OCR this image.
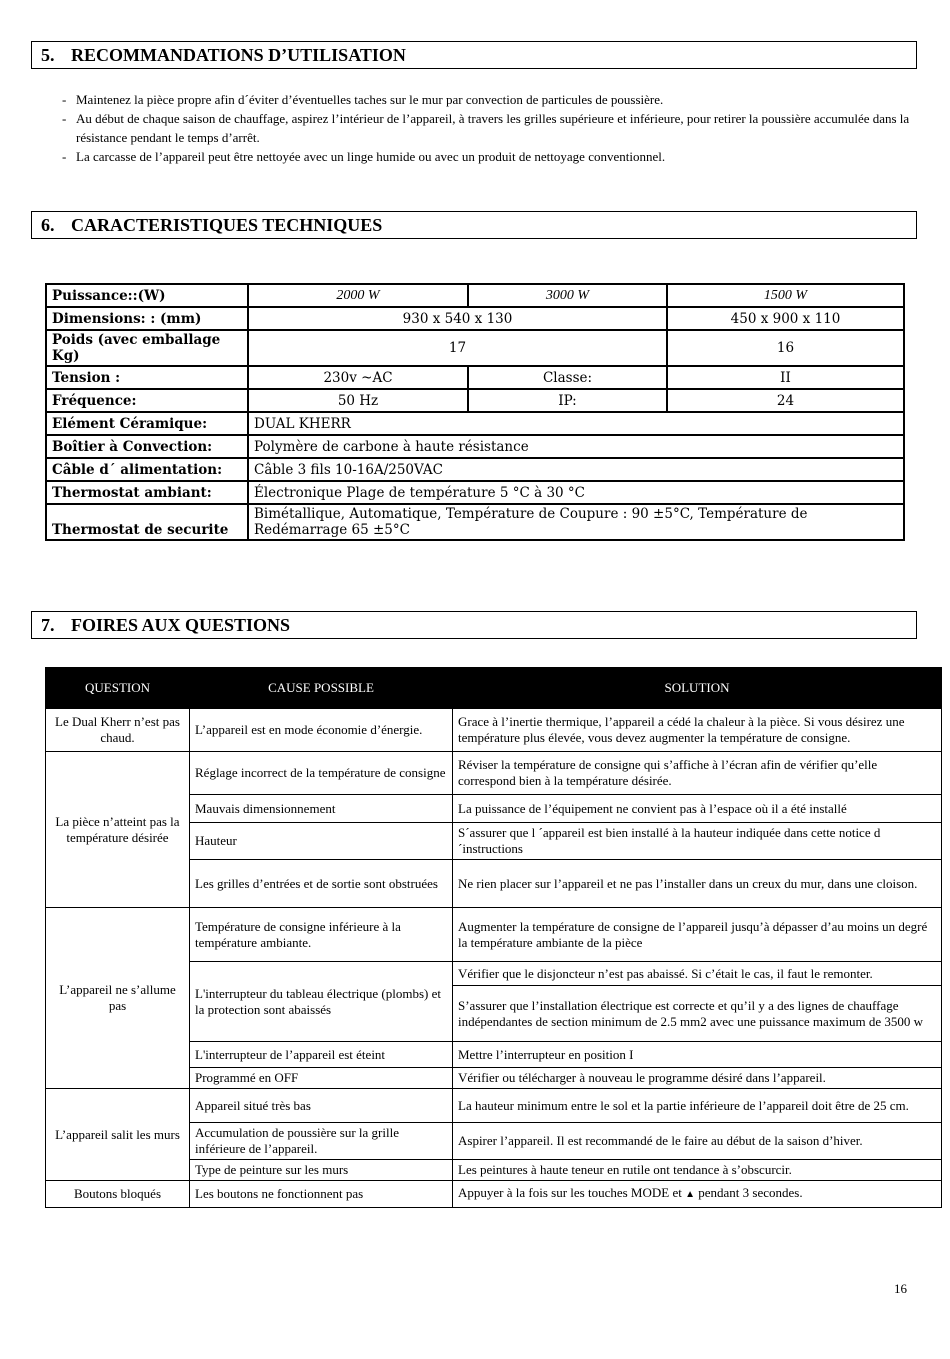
5. RECOMMANDATIONS D’UTILISATION
- Maintenez la pièce propre afin d´éviter d’éventuelles taches sur le mur par convection de particules de poussière.
- Au début de chaque saison de chauffage, aspirez l’intérieur de l’appareil, à travers les grilles supérieure et inférieure, pour retirer la poussière accumulée dans la résistance pendant le temps d’arrêt.
- La carcasse de l’appareil peut être nettoyée avec un linge humide ou avec un produit de nettoyage conventionnel.
6. CARACTERISTIQUES TECHNIQUES
Puissance::(W)	2000 W	3000 W	1500 W
Dimensions: : (mm)	930 x 540 x 130		450 x 900 x 110
Poids (avec emballage Kg)	17		16
Tension :	230v ~AC	Classe:	II
Fréquence:	50 Hz	IP:	24
Elément Céramique:	DUAL KHERR		
Boîtier à Convection:	Polymère de carbone à haute résistance		
Câble d´ alimentation:	Câble 3 fils 10-16A/250VAC		
Thermostat ambiant:	Électronique Plage de température 5 °C à 30 °C		
Thermostat de securite	Bimétallique, Automatique, Température de Coupure : 90 ±5°C, Température de Redémarrage 65 ±5°C		
7. FOIRES AUX QUESTIONS
QUESTION	CAUSE POSSIBLE	SOLUTION
Le Dual Kherr n’est pas chaud.	L’appareil est en mode économie d’énergie.	Grace à l’inertie thermique, l’appareil a cédé la chaleur à la pièce. Si vous désirez une température plus élevée, vous devez augmenter la température de consigne.
La pièce n’atteint pas la température désirée	Réglage incorrect de la température de consigne	Réviser la température de consigne qui s’affiche à l’écran afin de vérifier qu’elle correspond bien à la température désirée.
	Mauvais dimensionnement	La puissance de l’équipement ne convient pas à l’espace où il a été installé
	Hauteur	S´assurer que l ´appareil est bien installé à la hauteur indiquée dans cette notice d´instructions
	Les grilles d’entrées et de sortie sont obstruées	Ne rien placer sur l’appareil et ne pas l’installer dans un creux du mur, dans une cloison.
L’appareil ne s’allume pas	Température de consigne inférieure à la température ambiante.	Augmenter la température de consigne de l’appareil jusqu’à dépasser d’au moins un degré la température ambiante de la pièce
	L'interrupteur du tableau électrique (plombs) et la protection sont abaissés	Vérifier que le disjoncteur n’est pas abaissé. Si c’était le cas, il faut le remonter.
		S’assurer que l’installation électrique est correcte et qu’il y a des lignes de chauffage indépendantes de section minimum de 2.5 mm2 avec une puissance maximum de 3500 w
	L'interrupteur de l’appareil est éteint	Mettre l’interrupteur en position I
	Programmé en OFF	Vérifier ou télécharger à nouveau le programme désiré dans l’appareil.
L’appareil salit les murs	Appareil situé très bas	La hauteur minimum entre le sol et la partie inférieure de l’appareil doit être de 25 cm.
	Accumulation de poussière sur la grille inférieure de l’appareil.	Aspirer l’appareil. Il est recommandé de le faire au début de la saison d’hiver.
	Type de peinture sur les murs	Les peintures à haute teneur en rutile ont tendance à s’obscurcir.
Boutons bloqués	Les boutons ne fonctionnent pas	Appuyer à la fois sur les touches MODE et ▲ pendant 3 secondes.
16
